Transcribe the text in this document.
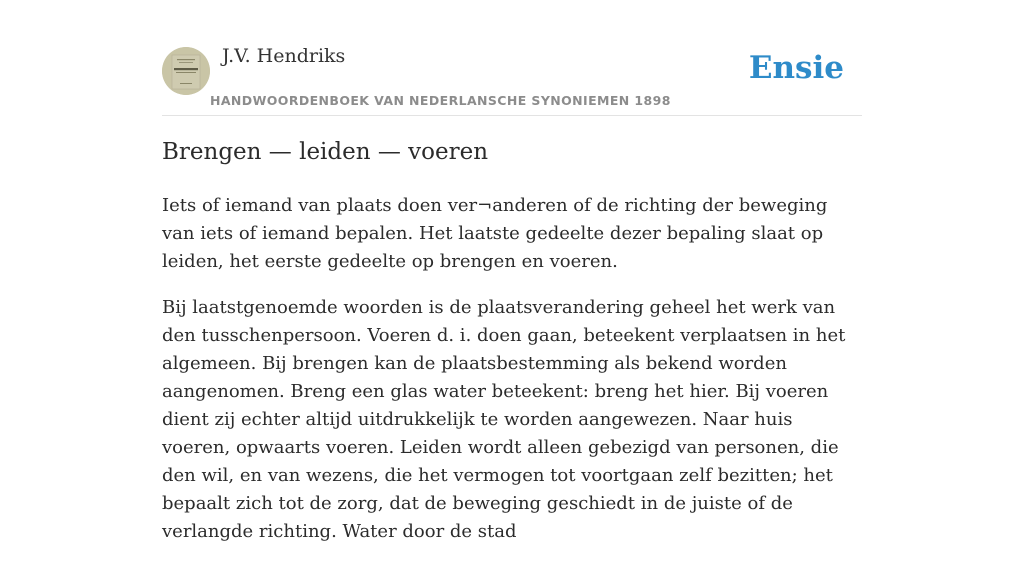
J.V. Hendriks
HANDWOORDENBOEK VAN NEDERLANSCHE SYNONIEMEN 1898
Ensie
Brengen — leiden — voeren

Iets of iemand van plaats doen ver¬anderen of de richting der beweging van iets of iemand bepalen. Het laatste gedeelte dezer bepaling slaat op leiden, het eerste gedeelte op brengen en voeren.

Bij laatstgenoemde woorden is de plaatsverandering geheel het werk van den tusschenpersoon. Voeren d. i. doen gaan, beteekent verplaatsen in het algemeen. Bij brengen kan de plaatsbestemming als bekend worden aangenomen. Breng een glas water beteekent: breng het hier. Bij voeren dient zij echter altijd uitdrukkelijk te worden aangewezen. Naar huis voeren, opwaarts voeren. Leiden wordt alleen gebezigd van personen, die den wil, en van wezens, die het vermogen tot voortgaan zelf bezitten; het bepaalt zich tot de zorg, dat de beweging geschiedt in de juiste of de verlangde richting. Water door de stad
